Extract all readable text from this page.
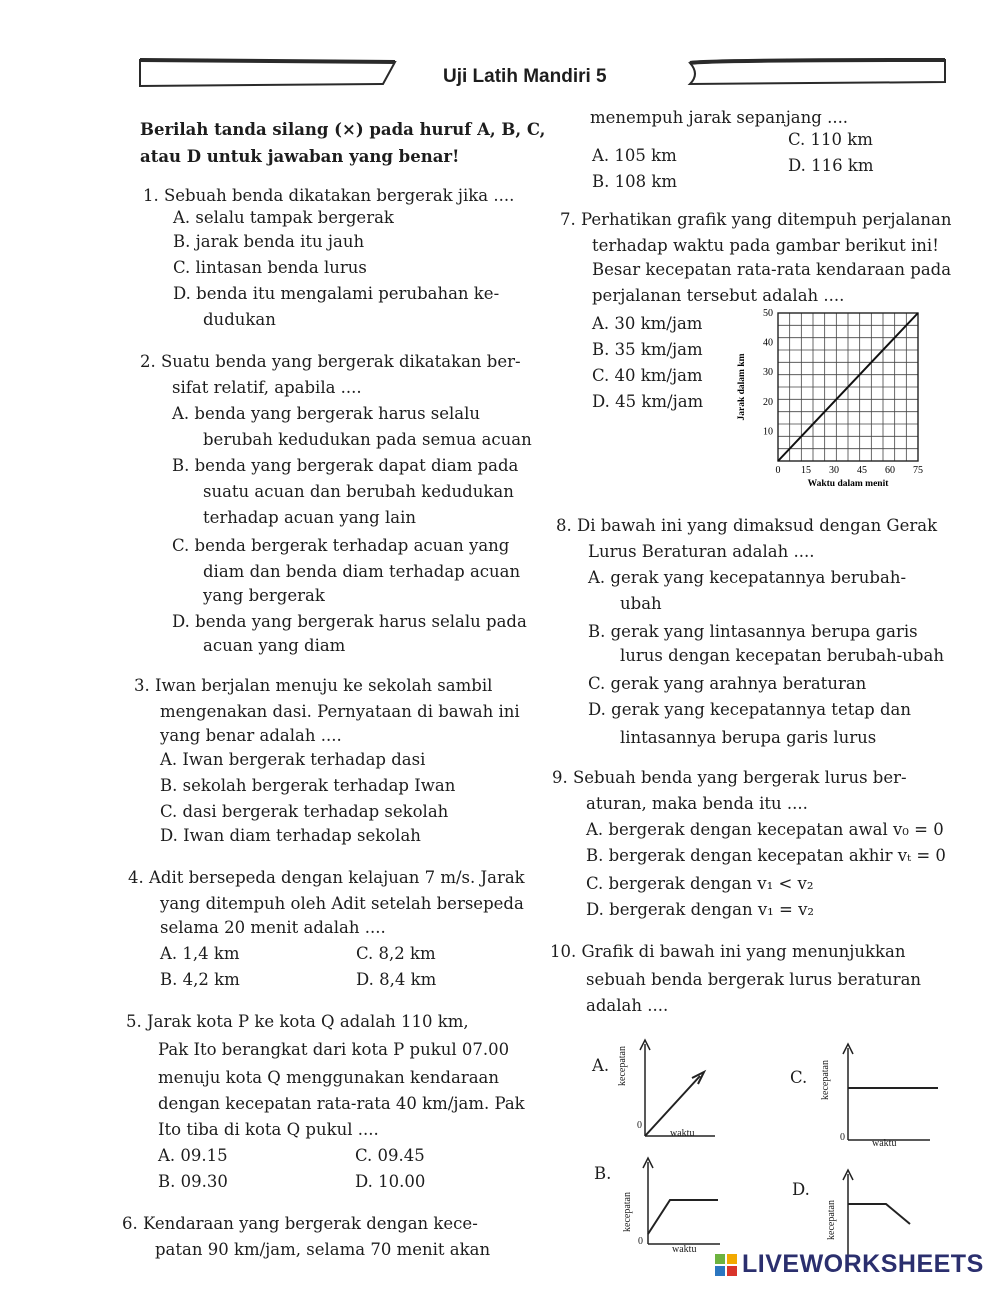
Uji Latih Mandiri 5
Berilah tanda silang (×) pada huruf A, B, C,
atau D untuk jawaban yang benar!
1. Sebuah benda dikatakan bergerak jika ....
A. selalu tampak bergerak
B. jarak benda itu jauh
C. lintasan benda lurus
D. benda itu mengalami perubahan ke-
dudukan
2. Suatu benda yang bergerak dikatakan ber-
sifat relatif, apabila ....
A. benda yang bergerak harus selalu
berubah kedudukan pada semua acuan
B. benda yang bergerak dapat diam pada
suatu acuan dan berubah kedudukan
terhadap acuan yang lain
C. benda bergerak terhadap acuan yang
diam dan benda diam terhadap acuan
yang bergerak
D. benda yang bergerak harus selalu pada
acuan yang diam
3. Iwan berjalan menuju ke sekolah sambil
mengenakan dasi. Pernyataan di bawah ini
yang benar adalah ....
A. Iwan bergerak terhadap dasi
B. sekolah bergerak terhadap Iwan
C. dasi bergerak terhadap sekolah
D. Iwan diam terhadap sekolah
4. Adit bersepeda dengan kelajuan 7 m/s. Jarak
yang ditempuh oleh Adit setelah bersepeda
selama 20 menit adalah ....
A. 1,4 km	C. 8,2 km
B. 4,2 km	D. 8,4 km
5. Jarak kota P ke kota Q adalah 110 km,
Pak Ito berangkat dari kota P pukul 07.00
menuju kota Q menggunakan kendaraan
dengan kecepatan rata-rata 40 km/jam. Pak
Ito tiba di kota Q pukul ....
A. 09.15	C. 09.45
B. 09.30	D. 10.00
6. Kendaraan yang bergerak dengan kece-
patan 90 km/jam, selama 70 menit akan
menempuh jarak sepanjang ....
A. 105 km
B. 108 km
C. 110 km
D. 116 km
7. Perhatikan grafik yang ditempuh perjalanan
terhadap waktu pada gambar berikut ini!
Besar kecepatan rata-rata kendaraan pada
perjalanan tersebut adalah ....
A. 30 km/jam
B. 35 km/jam
C. 40 km/jam
D. 45 km/jam
0 15 30 45 60 75
10
20
30
40
50
Waktu dalam menit
Jarak dalam km
8. Di bawah ini yang dimaksud dengan Gerak
Lurus Beraturan adalah ....
A. gerak yang kecepatannya berubah-
ubah
B. gerak yang lintasannya berupa garis
lurus dengan kecepatan berubah-ubah
C. gerak yang arahnya beraturan
D. gerak yang kecepatannya tetap dan
lintasannya berupa garis lurus
9. Sebuah benda yang bergerak lurus ber-
aturan, maka benda itu ....
A. bergerak dengan kecepatan awal v₀ = 0
B. bergerak dengan kecepatan akhir vₜ = 0
C. bergerak dengan v₁ < v₂
D. bergerak dengan v₁ = v₂
10. Grafik di bawah ini yang menunjukkan
sebuah benda bergerak lurus beraturan
adalah ....
A. kecepatan
0
waktu
C. kecepatan
0
waktu
B.
kecepatan
0
waktu
D.
kecepatan
LIVEWORKSHEETS
